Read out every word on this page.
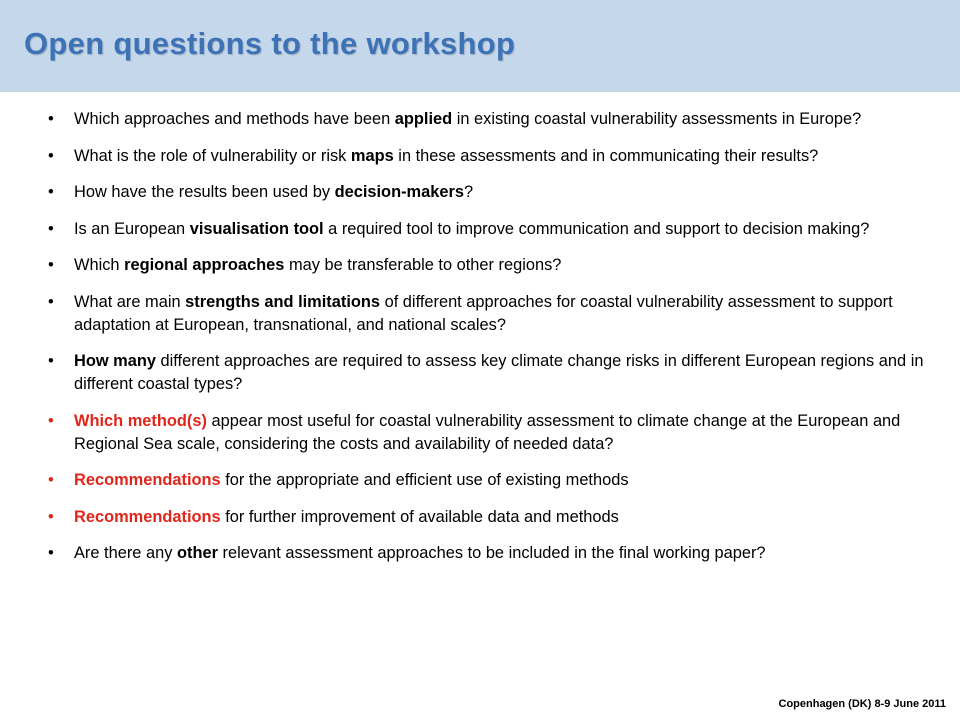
Open questions to the workshop
• Which approaches and methods have been applied in existing coastal vulnerability assessments in Europe?
• What is the role of vulnerability or risk maps in these assessments and in communicating their results?
• How have the results been used by decision-makers?
• Is an European visualisation tool a required tool to improve communication and support to decision making?
• Which regional approaches may be transferable to other regions?
• What are main strengths and limitations of different approaches for coastal vulnerability assessment to support adaptation at European, transnational, and national scales?
• How many different approaches are required to assess key climate change risks in different European regions and in different coastal types?
• Which method(s) appear most useful for coastal vulnerability assessment to climate change at the European and Regional Sea scale, considering the costs and availability of needed data?
• Recommendations for the appropriate and efficient use of existing methods
• Recommendations for further improvement of available data and methods
• Are there any other relevant assessment approaches to be included in the final working paper?
Copenhagen (DK) 8-9 June 2011
